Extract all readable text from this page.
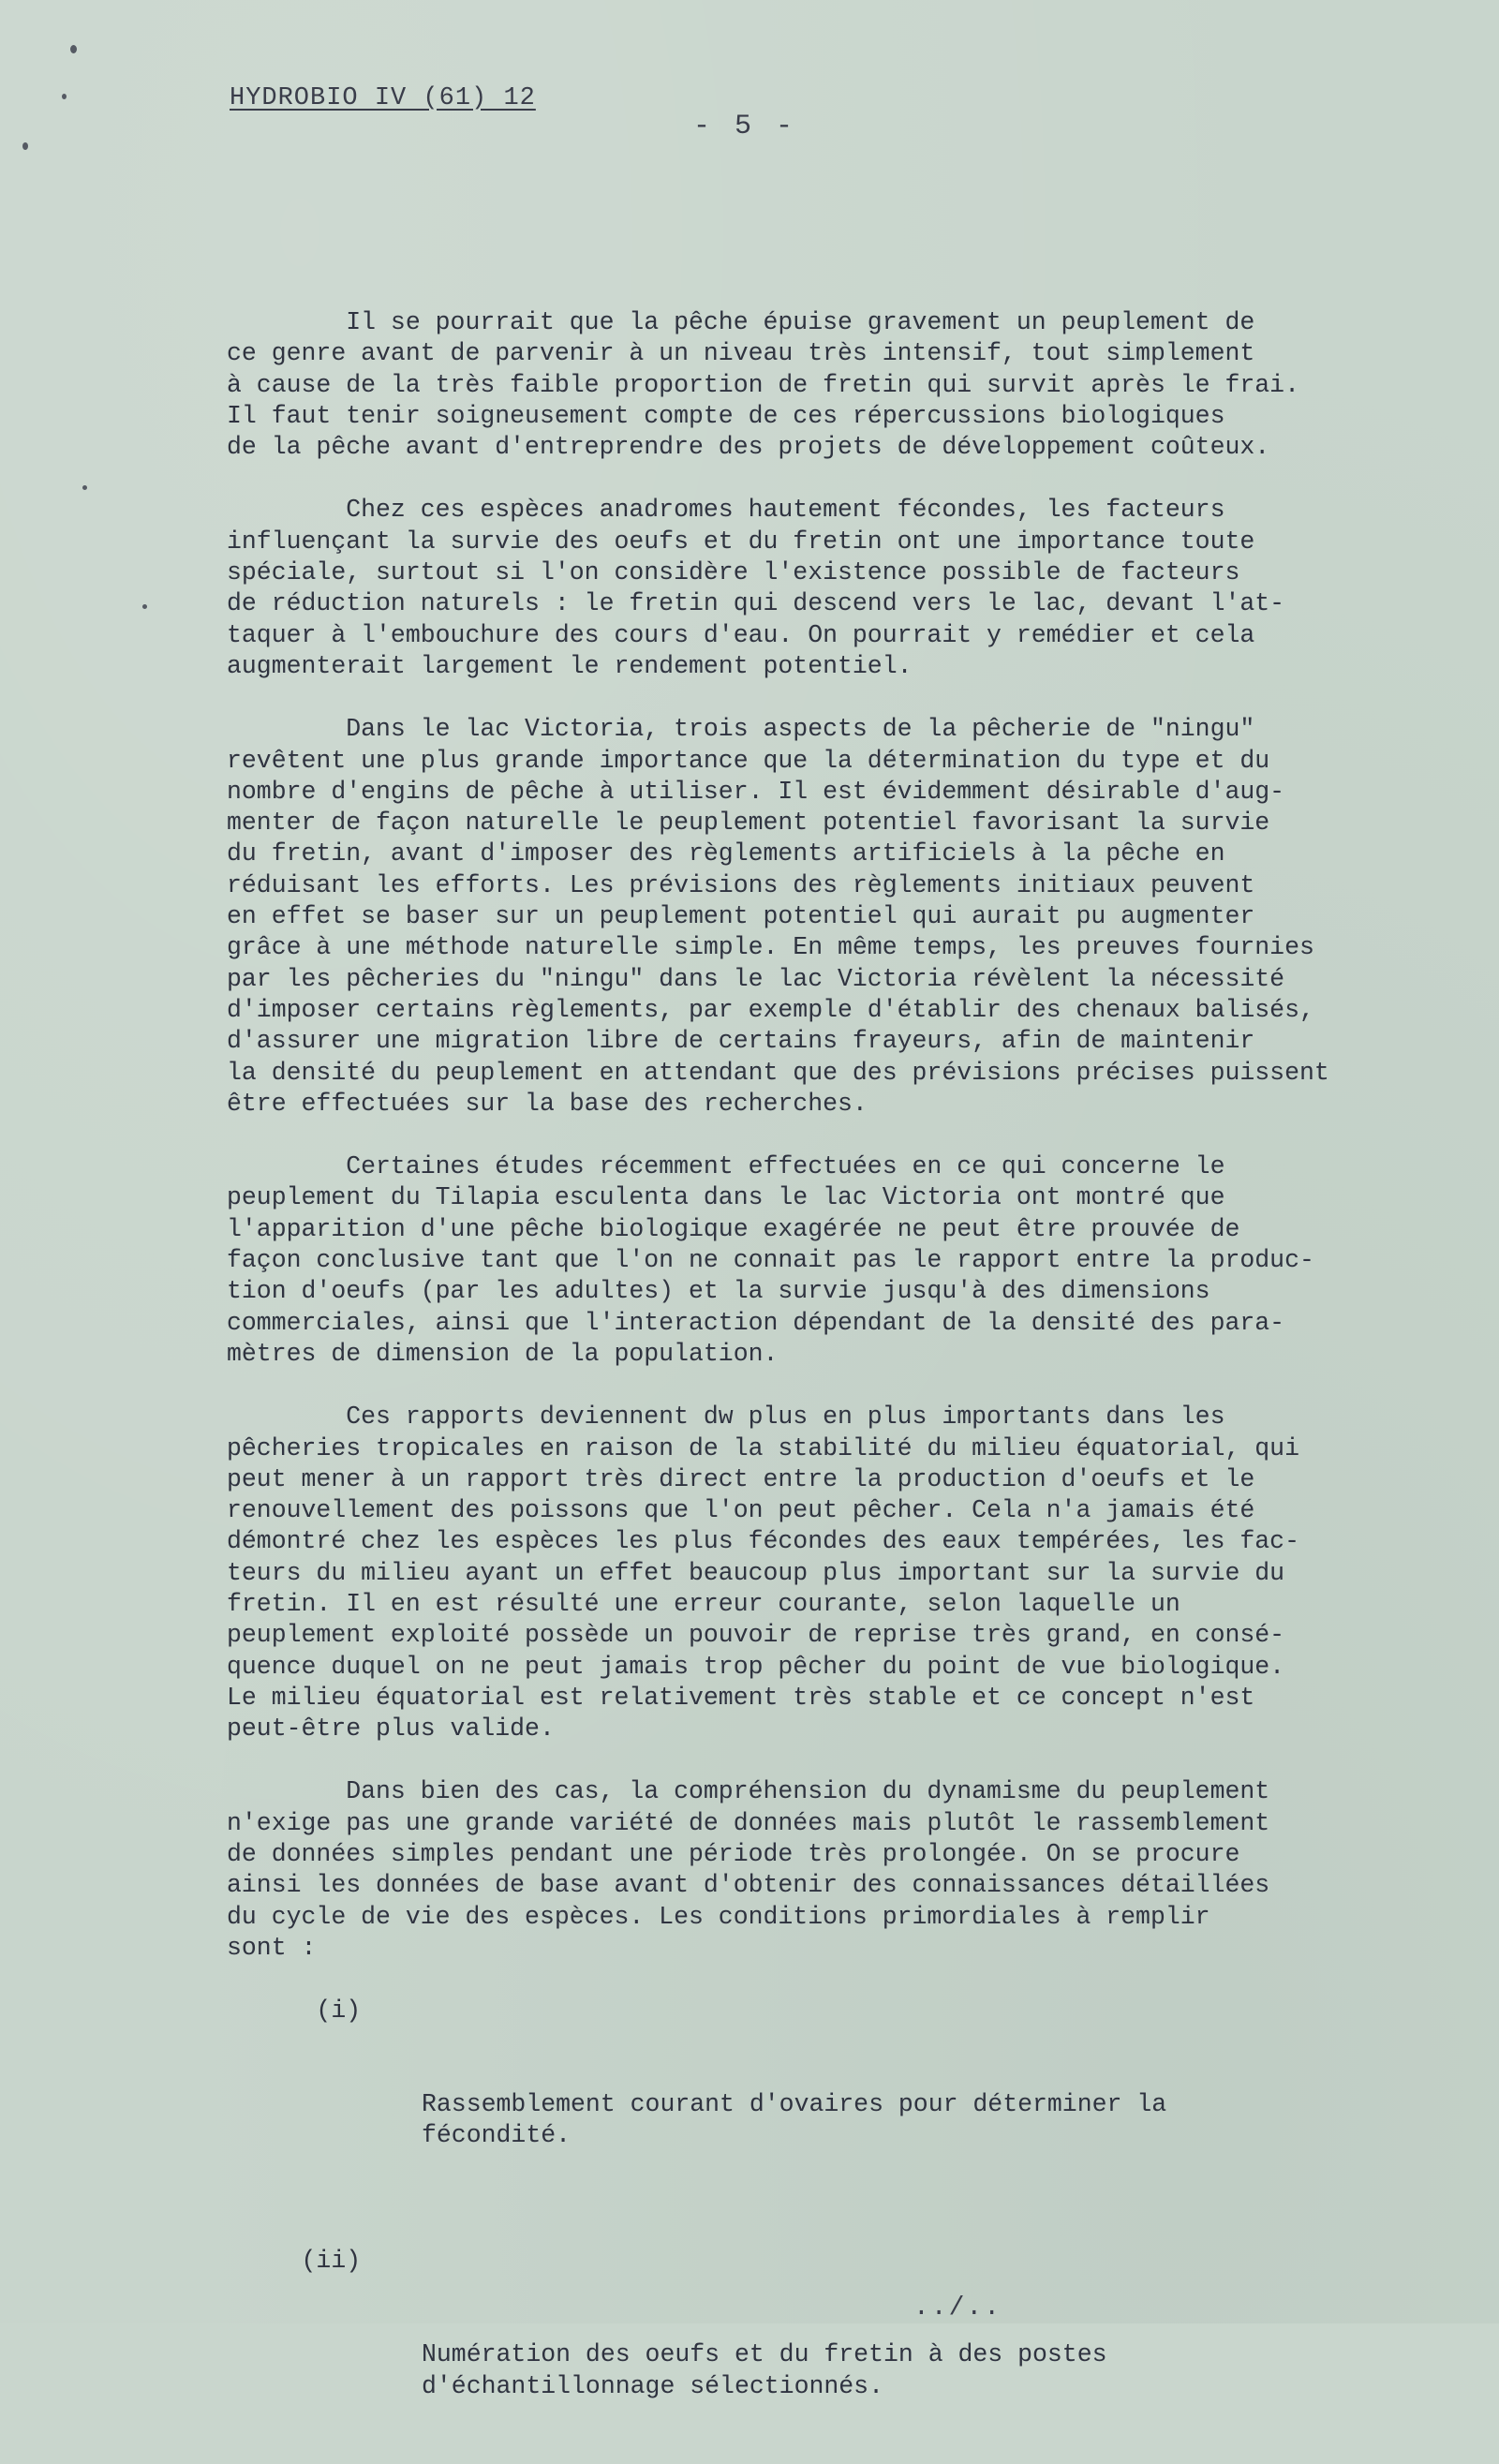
HYDROBIO IV (61) 12
- 5 -

Il se pourrait que la pêche épuise gravement un peuplement de
ce genre avant de parvenir à un niveau très intensif, tout simplement
à cause de la très faible proportion de fretin qui survit après le frai.
Il faut tenir soigneusement compte de ces répercussions biologiques
de la pêche avant d'entreprendre des projets de développement coûteux.

Chez ces espèces anadromes hautement fécondes, les facteurs
influençant la survie des oeufs et du fretin ont une importance toute
spéciale, surtout si l'on considère l'existence possible de facteurs
de réduction naturels : le fretin qui descend vers le lac, devant l'at-
taquer à l'embouchure des cours d'eau. On pourrait y remédier et cela
augmenterait largement le rendement potentiel.

Dans le lac Victoria, trois aspects de la pêcherie de "ningu"
revêtent une plus grande importance que la détermination du type et du
nombre d'engins de pêche à utiliser. Il est évidemment désirable d'aug-
menter de façon naturelle le peuplement potentiel favorisant la survie
du fretin, avant d'imposer des règlements artificiels à la pêche en
réduisant les efforts. Les prévisions des règlements initiaux peuvent
en effet se baser sur un peuplement potentiel qui aurait pu augmenter
grâce à une méthode naturelle simple. En même temps, les preuves fournies
par les pêcheries du "ningu" dans le lac Victoria révèlent la nécessité
d'imposer certains règlements, par exemple d'établir des chenaux balisés,
d'assurer une migration libre de certains frayeurs, afin de maintenir
la densité du peuplement en attendant que des prévisions précises puissent
être effectuées sur la base des recherches.

Certaines études récemment effectuées en ce qui concerne le
peuplement du Tilapia esculenta dans le lac Victoria ont montré que
l'apparition d'une pêche biologique exagérée ne peut être prouvée de
façon conclusive tant que l'on ne connait pas le rapport entre la produc-
tion d'oeufs (par les adultes) et la survie jusqu'à des dimensions
commerciales, ainsi que l'interaction dépendant de la densité des para-
mètres de dimension de la population.

Ces rapports deviennent dw plus en plus importants dans les
pêcheries tropicales en raison de la stabilité du milieu équatorial, qui
peut mener à un rapport très direct entre la production d'oeufs et le
renouvellement des poissons que l'on peut pêcher. Cela n'a jamais été
démontré chez les espèces les plus fécondes des eaux tempérées, les fac-
teurs du milieu ayant un effet beaucoup plus important sur la survie du
fretin. Il en est résulté une erreur courante, selon laquelle un
peuplement exploité possède un pouvoir de reprise très grand, en consé-
quence duquel on ne peut jamais trop pêcher du point de vue biologique.
Le milieu équatorial est relativement très stable et ce concept n'est
peut-être plus valide.

Dans bien des cas, la compréhension du dynamisme du peuplement
n'exige pas une grande variété de données mais plutôt le rassemblement
de données simples pendant une période très prolongée. On se procure
ainsi les données de base avant d'obtenir des connaissances détaillées
du cycle de vie des espèces. Les conditions primordiales à remplir
sont :

(i)

Rassemblement courant d'ovaires pour déterminer la
fécondité.

(ii)

Numération des oeufs et du fretin à des postes
d'échantillonnage sélectionnés.

../..
